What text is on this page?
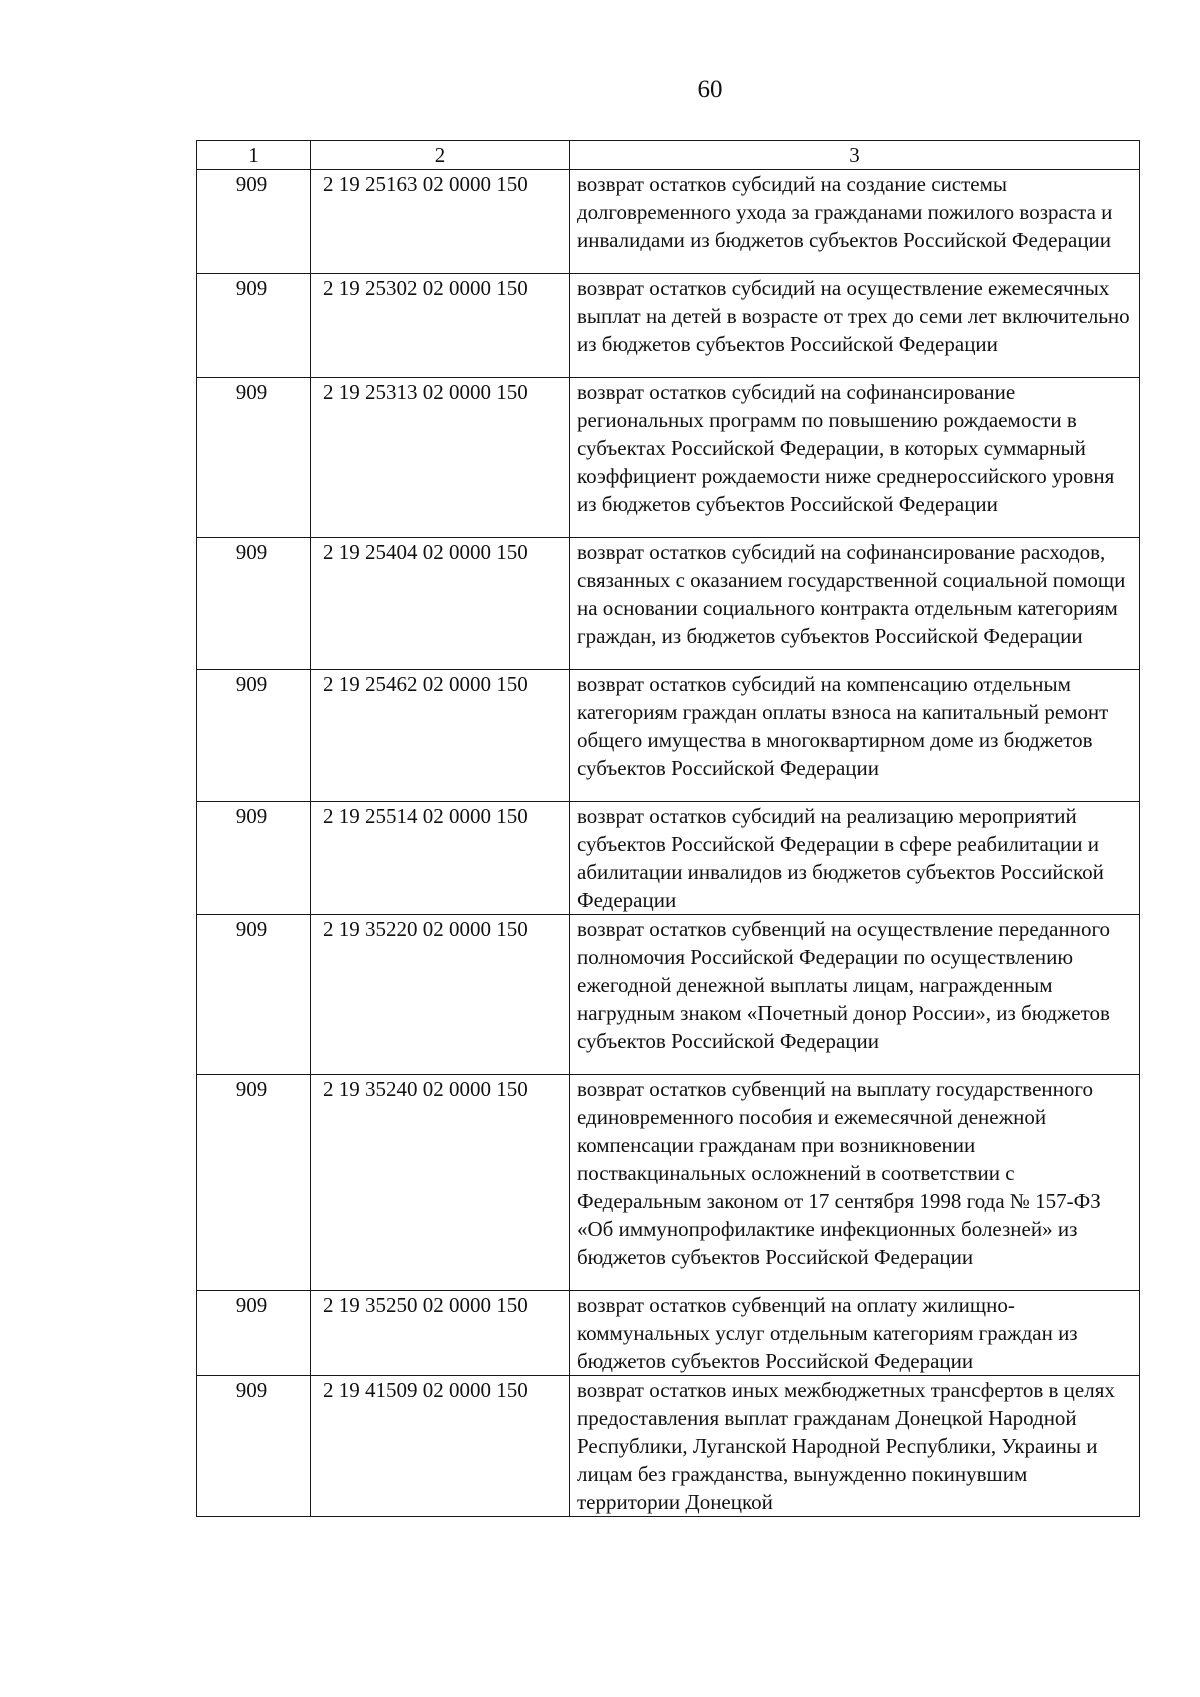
60
1	2	3
909	2 19 25163 02 0000 150	возврат остатков субсидий на создание системы долговременного ухода за гражданами пожилого возраста и инвалидами из бюджетов субъектов Российской Федерации
909	2 19 25302 02 0000 150	возврат остатков субсидий на осуществление ежемесячных выплат на детей в возрасте от трех до семи лет включительно из бюджетов субъектов Российской Федерации
909	2 19 25313 02 0000 150	возврат остатков субсидий на софинансирование региональных программ по повышению рождаемости в субъектах Российской Федерации, в которых суммарный коэффициент рождаемости ниже среднероссийского уровня из бюджетов субъектов Российской Федерации
909	2 19 25404 02 0000 150	возврат остатков субсидий на софинансирование расходов, связанных с оказанием государственной социальной помощи на основании социального контракта отдельным категориям граждан, из бюджетов субъектов Российской Федерации
909	2 19 25462 02 0000 150	возврат остатков субсидий на компенсацию отдельным категориям граждан оплаты взноса на капитальный ремонт общего имущества в многоквартирном доме из бюджетов субъектов Российской Федерации
909	2 19 25514 02 0000 150	возврат остатков субсидий на реализацию мероприятий субъектов Российской Федерации в сфере реабилитации и абилитации инвалидов из бюджетов субъектов Российской Федерации
909	2 19 35220 02 0000 150	возврат остатков субвенций на осуществление переданного полномочия Российской Федерации по осуществлению ежегодной денежной выплаты лицам, награжденным нагрудным знаком «Почетный донор России», из бюджетов субъектов Российской Федерации
909	2 19 35240 02 0000 150	возврат остатков субвенций на выплату государственного единовременного пособия и ежемесячной денежной компенсации гражданам при возникновении поствакцинальных осложнений в соответствии с Федеральным законом от 17 сентября 1998 года № 157-ФЗ «Об иммунопрофилактике инфекционных болезней» из бюджетов субъектов Российской Федерации
909	2 19 35250 02 0000 150	возврат остатков субвенций на оплату жилищно-коммунальных услуг отдельным категориям граждан из бюджетов субъектов Российской Федерации
909	2 19 41509 02 0000 150	возврат остатков иных межбюджетных трансфертов в целях предоставления выплат гражданам Донецкой Народной Республики, Луганской Народной Республики, Украины и лицам без гражданства, вынужденно покинувшим территории Донецкой
